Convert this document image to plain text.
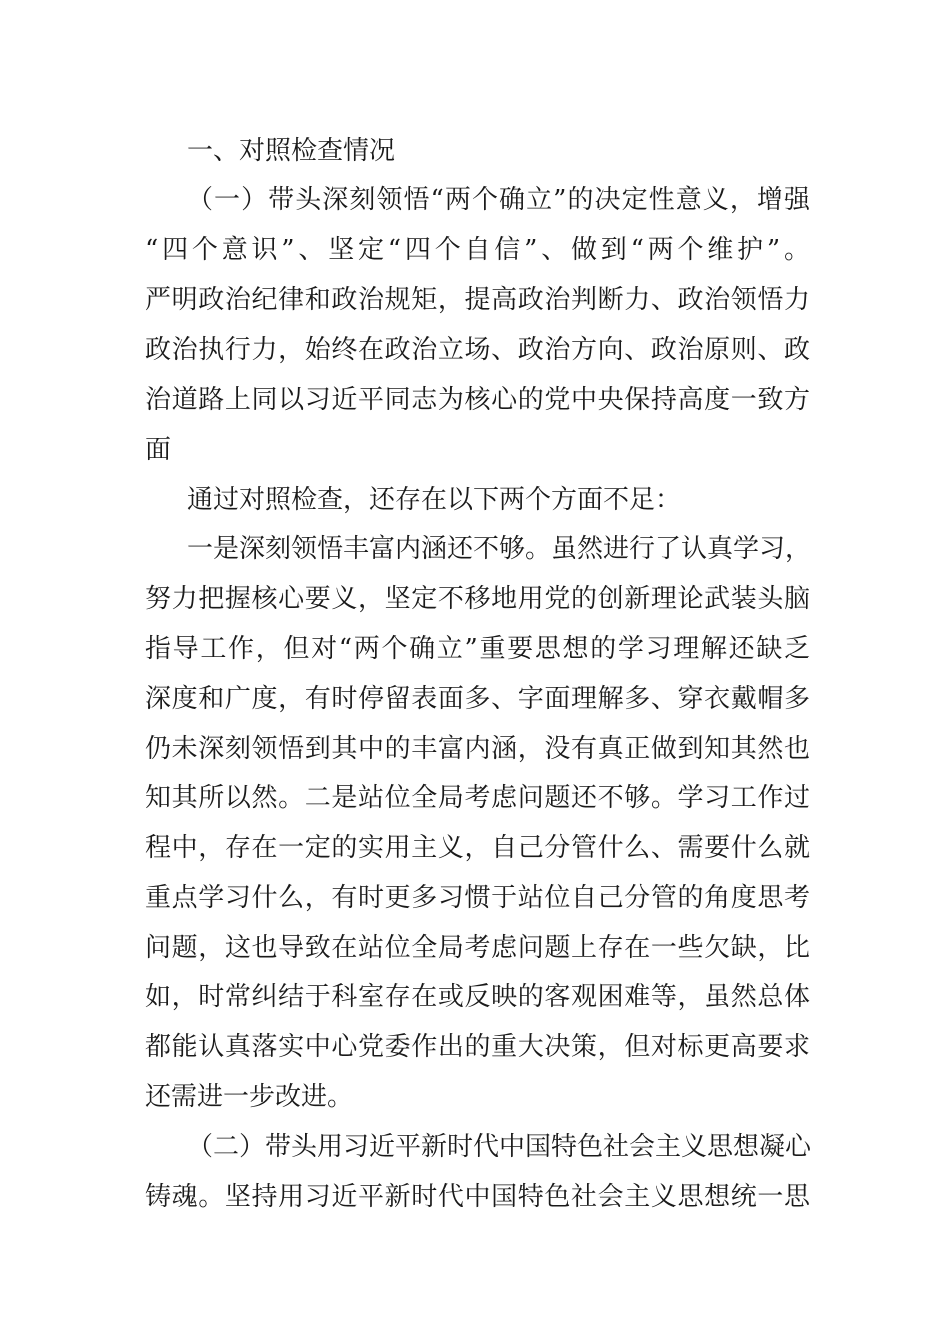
一、对照检查情况
（一）带头深刻领悟“两个确立”的决定性意义，增强
“四个意识”、坚定“四个自信”、做到“两个维护”。
严明政治纪律和政治规矩，提高政治判断力、政治领悟力
政治执行力，始终在政治立场、政治方向、政治原则、政
治道路上同以习近平同志为核心的党中央保持高度一致方
面
通过对照检查，还存在以下两个方面不足：
一是深刻领悟丰富内涵还不够。虽然进行了认真学习，
努力把握核心要义，坚定不移地用党的创新理论武装头脑
指导工作，但对“两个确立”重要思想的学习理解还缺乏
深度和广度，有时停留表面多、字面理解多、穿衣戴帽多
仍未深刻领悟到其中的丰富内涵，没有真正做到知其然也
知其所以然。二是站位全局考虑问题还不够。学习工作过
程中，存在一定的实用主义，自己分管什么、需要什么就
重点学习什么，有时更多习惯于站位自己分管的角度思考
问题，这也导致在站位全局考虑问题上存在一些欠缺，比
如，时常纠结于科室存在或反映的客观困难等，虽然总体
都能认真落实中心党委作出的重大决策，但对标更高要求
还需进一步改进。
（二）带头用习近平新时代中国特色社会主义思想凝心
铸魂。坚持用习近平新时代中国特色社会主义思想统一思
